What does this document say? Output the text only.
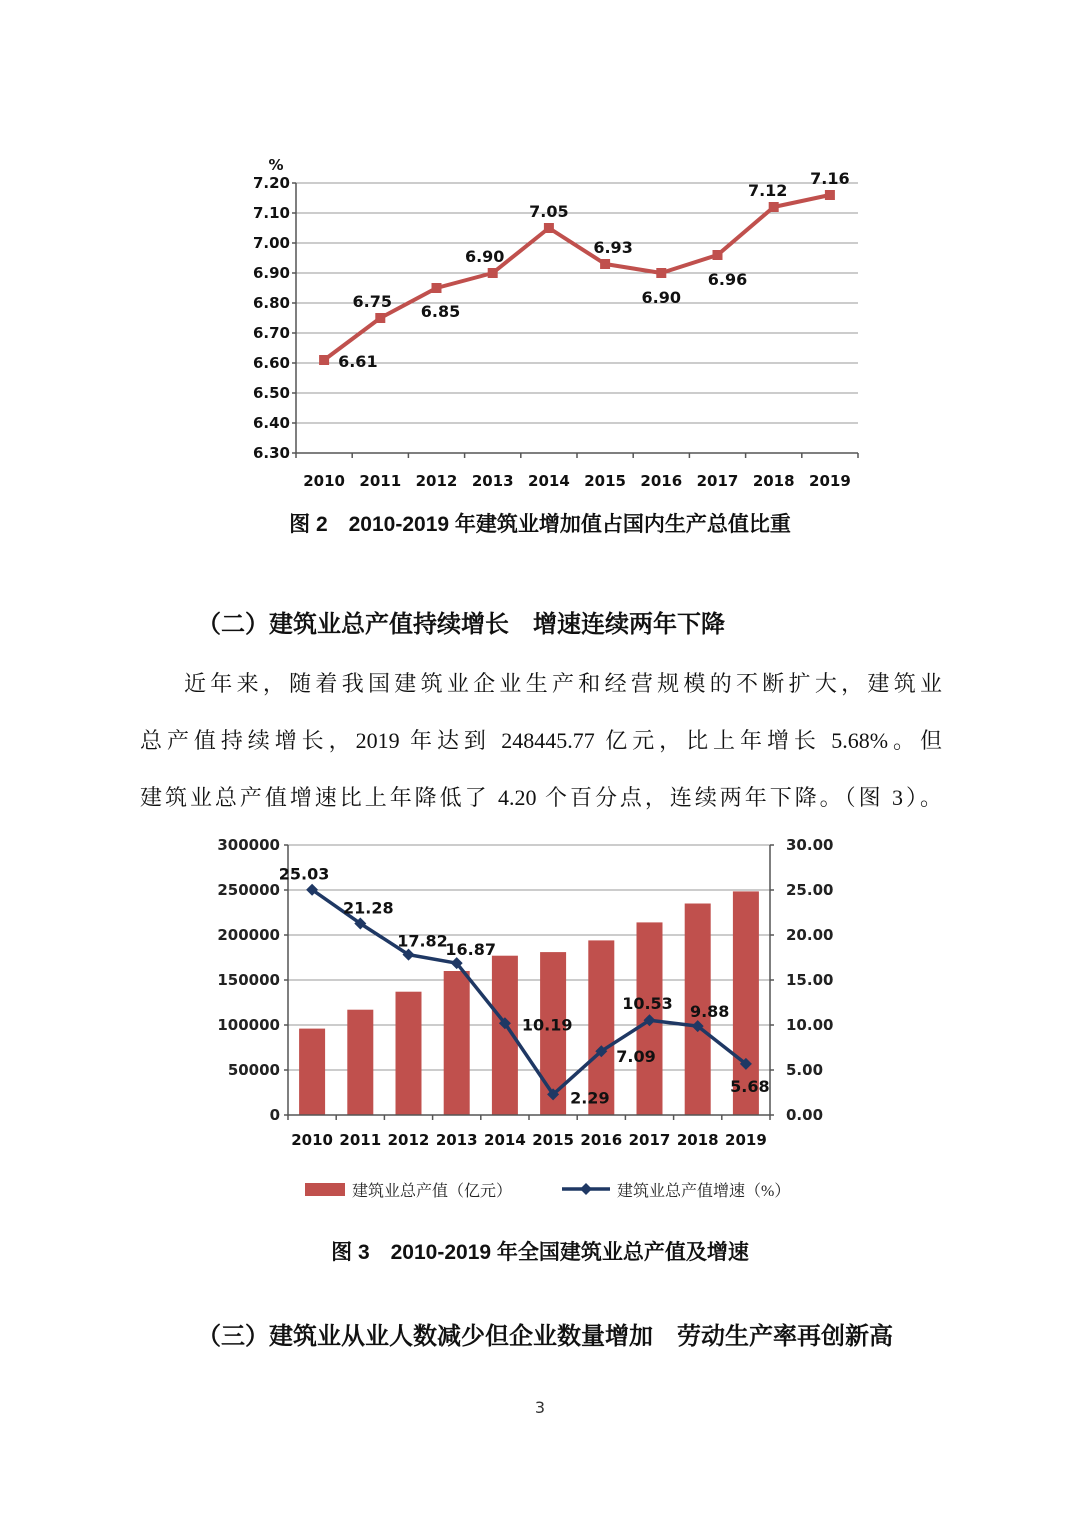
6.30
6.40
6.50
6.60
6.70
6.80
6.90
7.00
7.10
7.20
%
2010 2011 2012 2013 2014 2015 2016 2017 2018 2019
6.61
6.75
6.85
6.90
7.05
6.93
6.90
6.96
7.12
7.16
图 2　2010-2019 年建筑业增加值占国内生产总值比重
（二）建筑业总产值持续增长　增速连续两年下降
近年来，随着我国建筑业企业生产和经营规模的不断扩大，建筑业
总产值持续增长，2019 年达到 248445.77 亿元，比上年增长 5.68%。但
建筑业总产值增速比上年降低了 4.20 个百分点，连续两年下降。（图 3）。
0
50000
100000
150000
200000
250000
300000
0.00
5.00
10.00
15.00
20.00
25.00
30.00
2010 2011 2012 2013 2014 2015 2016 2017 2018 2019
25.03
21.28
17.82
16.87
10.19
2.29
7.09
10.53 9.88
5.68
建筑业总产值（亿元）	建筑业总产值增速（%）
图 3　2010-2019 年全国建筑业总产值及增速
（三）建筑业从业人数减少但企业数量增加　劳动生产率再创新高
3
